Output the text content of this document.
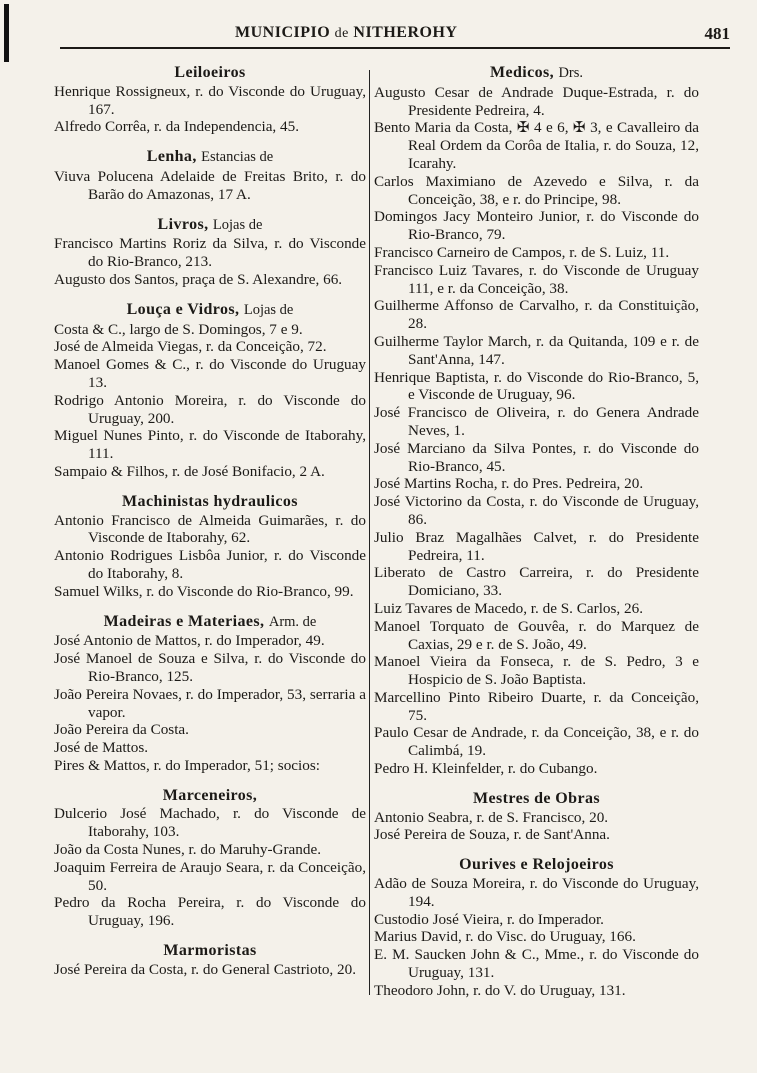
MUNICIPIO de NITHEROHY	481
Leiloeiros
Henrique Rossigneux, r. do Visconde do Uruguay, 167.
Alfredo Corrêa, r. da Independencia, 45.
Lenha, Estancias de
Viuva Polucena Adelaide de Freitas Brito, r. do Barão do Amazonas, 17 A.
Livros, Lojas de
Francisco Martins Roriz da Silva, r. do Visconde do Rio-Branco, 213.
Augusto dos Santos, praça de S. Alexandre, 66.
Louça e Vidros, Lojas de
Costa & C., largo de S. Domingos, 7 e 9.
José de Almeida Viegas, r. da Conceição, 72.
Manoel Gomes & C., r. do Visconde do Uruguay 13.
Rodrigo Antonio Moreira, r. do Visconde do Uruguay, 200.
Miguel Nunes Pinto, r. do Visconde de Itaborahy, 111.
Sampaio & Filhos, r. de José Bonifacio, 2 A.
Machinistas hydraulicos
Antonio Francisco de Almeida Guimarães, r. do Visconde de Itaborahy, 62.
Antonio Rodrigues Lisbôa Junior, r. do Visconde do Itaborahy, 8.
Samuel Wilks, r. do Visconde do Rio-Branco, 99.
Madeiras e Materiaes, Arm. de
José Antonio de Mattos, r. do Imperador, 49.
José Manoel de Souza e Silva, r. do Visconde do Rio-Branco, 125.
João Pereira Novaes, r. do Imperador, 53, serraria a vapor.
João Pereira da Costa.
José de Mattos.
Pires & Mattos, r. do Imperador, 51; socios:
Marceneiros,
Dulcerio José Machado, r. do Visconde de Itaborahy, 103.
João da Costa Nunes, r. do Maruhy-Grande.
Joaquim Ferreira de Araujo Seara, r. da Conceição, 50.
Pedro da Rocha Pereira, r. do Visconde do Uruguay, 196.
Marmoristas
José Pereira da Costa, r. do General Castrioto, 20.
Medicos, Drs.
Augusto Cesar de Andrade Duque-Estrada, r. do Presidente Pedreira, 4.
Bento Maria da Costa, ✠ 4 e 6, ✠ 3, e Cavalleiro da Real Ordem da Corôa de Italia, r. do Souza, 12, Icarahy.
Carlos Maximiano de Azevedo e Silva, r. da Conceição, 38, e r. do Principe, 98.
Domingos Jacy Monteiro Junior, r. do Visconde do Rio-Branco, 79.
Francisco Carneiro de Campos, r. de S. Luiz, 11.
Francisco Luiz Tavares, r. do Visconde de Uruguay 111, e r. da Conceição, 38.
Guilherme Affonso de Carvalho, r. da Constituição, 28.
Guilherme Taylor March, r. da Quitanda, 109 e r. de Sant'Anna, 147.
Henrique Baptista, r. do Visconde do Rio-Branco, 5, e Visconde de Uruguay, 96.
José Francisco de Oliveira, r. do Genera Andrade Neves, 1.
José Marciano da Silva Pontes, r. do Visconde do Rio-Branco, 45.
José Martins Rocha, r. do Pres. Pedreira, 20.
José Victorino da Costa, r. do Visconde de Uruguay, 86.
Julio Braz Magalhães Calvet, r. do Presidente Pedreira, 11.
Liberato de Castro Carreira, r. do Presidente Domiciano, 33.
Luiz Tavares de Macedo, r. de S. Carlos, 26.
Manoel Torquato de Gouvêa, r. do Marquez de Caxias, 29 e r. de S. João, 49.
Manoel Vieira da Fonseca, r. de S. Pedro, 3 e Hospicio de S. João Baptista.
Marcellino Pinto Ribeiro Duarte, r. da Conceição, 75.
Paulo Cesar de Andrade, r. da Conceição, 38, e r. do Calimbá, 19.
Pedro H. Kleinfelder, r. do Cubango.
Mestres de Obras
Antonio Seabra, r. de S. Francisco, 20.
José Pereira de Souza, r. de Sant'Anna.
Ourives e Relojoeiros
Adão de Souza Moreira, r. do Visconde do Uruguay, 194.
Custodio José Vieira, r. do Imperador.
Marius David, r. do Visc. do Uruguay, 166.
E. M. Saucken John & C., Mme., r. do Visconde do Uruguay, 131.
Theodoro John, r. do V. do Uruguay, 131.
